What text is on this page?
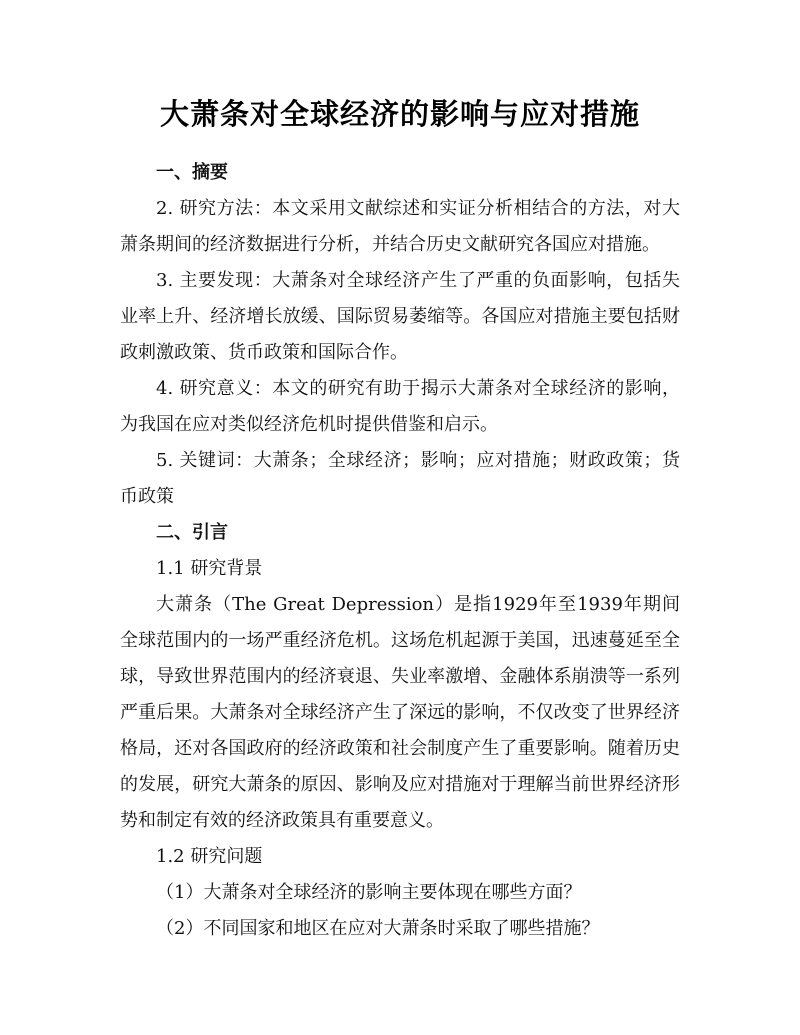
大萧条对全球经济的影响与应对措施

一、摘要

2. 研究方法：本文采用文献综述和实证分析相结合的方法，对大萧条期间的经济数据进行分析，并结合历史文献研究各国应对措施。

3. 主要发现：大萧条对全球经济产生了严重的负面影响，包括失业率上升、经济增长放缓、国际贸易萎缩等。各国应对措施主要包括财政刺激政策、货币政策和国际合作。

4. 研究意义：本文的研究有助于揭示大萧条对全球经济的影响，为我国在应对类似经济危机时提供借鉴和启示。

5. 关键词：大萧条；全球经济；影响；应对措施；财政政策；货币政策

二、引言

1.1 研究背景

大萧条（The Great Depression）是指1929年至1939年期间全球范围内的一场严重经济危机。这场危机起源于美国，迅速蔓延至全球，导致世界范围内的经济衰退、失业率激增、金融体系崩溃等一系列严重后果。大萧条对全球经济产生了深远的影响，不仅改变了世界经济格局，还对各国政府的经济政策和社会制度产生了重要影响。随着历史的发展，研究大萧条的原因、影响及应对措施对于理解当前世界经济形势和制定有效的经济政策具有重要意义。

1.2 研究问题

（1）大萧条对全球经济的影响主要体现在哪些方面？

（2）不同国家和地区在应对大萧条时采取了哪些措施？
